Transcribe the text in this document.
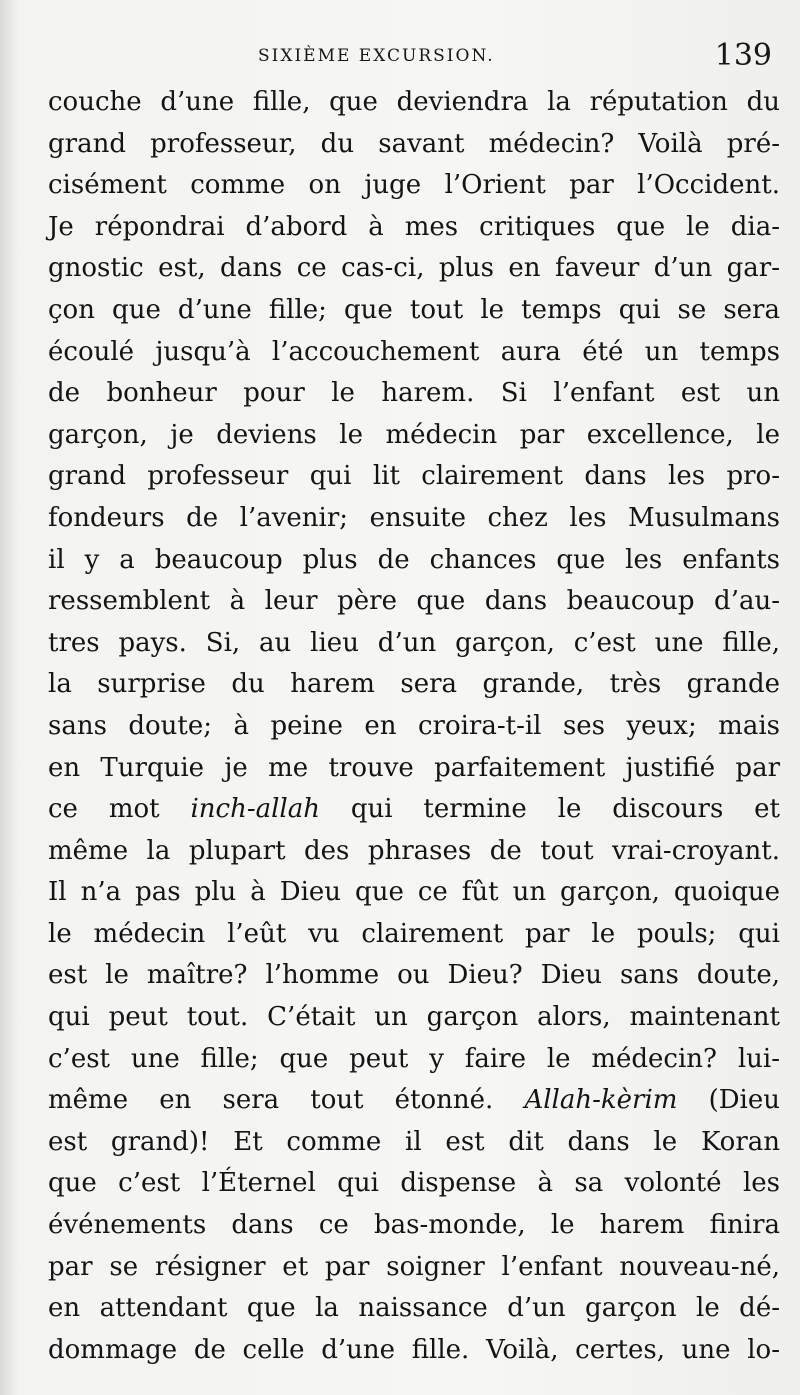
SIXIÈME EXCURSION.	139
couche d’une fille, que deviendra la réputation du
grand professeur, du savant médecin? Voilà pré-
cisément comme on juge l’Orient par l’Occident.
Je répondrai d’abord à mes critiques que le dia-
gnostic est, dans ce cas-ci, plus en faveur d’un gar-
çon que d’une fille; que tout le temps qui se sera
écoulé jusqu’à l’accouchement aura été un temps
de bonheur pour le harem. Si l’enfant est un
garçon, je deviens le médecin par excellence, le
grand professeur qui lit clairement dans les pro-
fondeurs de l’avenir; ensuite chez les Musulmans
il y a beaucoup plus de chances que les enfants
ressemblent à leur père que dans beaucoup d’au-
tres pays. Si, au lieu d’un garçon, c’est une fille,
la surprise du harem sera grande, très grande
sans doute; à peine en croira-t-il ses yeux; mais
en Turquie je me trouve parfaitement justifié par
ce mot inch-allah qui termine le discours et
même la plupart des phrases de tout vrai-croyant.
Il n’a pas plu à Dieu que ce fût un garçon, quoique
le médecin l’eût vu clairement par le pouls; qui
est le maître? l’homme ou Dieu? Dieu sans doute,
qui peut tout. C’était un garçon alors, maintenant
c’est une fille; que peut y faire le médecin? lui-
même en sera tout étonné. Allah-kèrim (Dieu
est grand)! Et comme il est dit dans le Koran
que c’est l’Éternel qui dispense à sa volonté les
événements dans ce bas-monde, le harem finira
par se résigner et par soigner l’enfant nouveau-né,
en attendant que la naissance d’un garçon le dé-
dommage de celle d’une fille. Voilà, certes, une lo-
